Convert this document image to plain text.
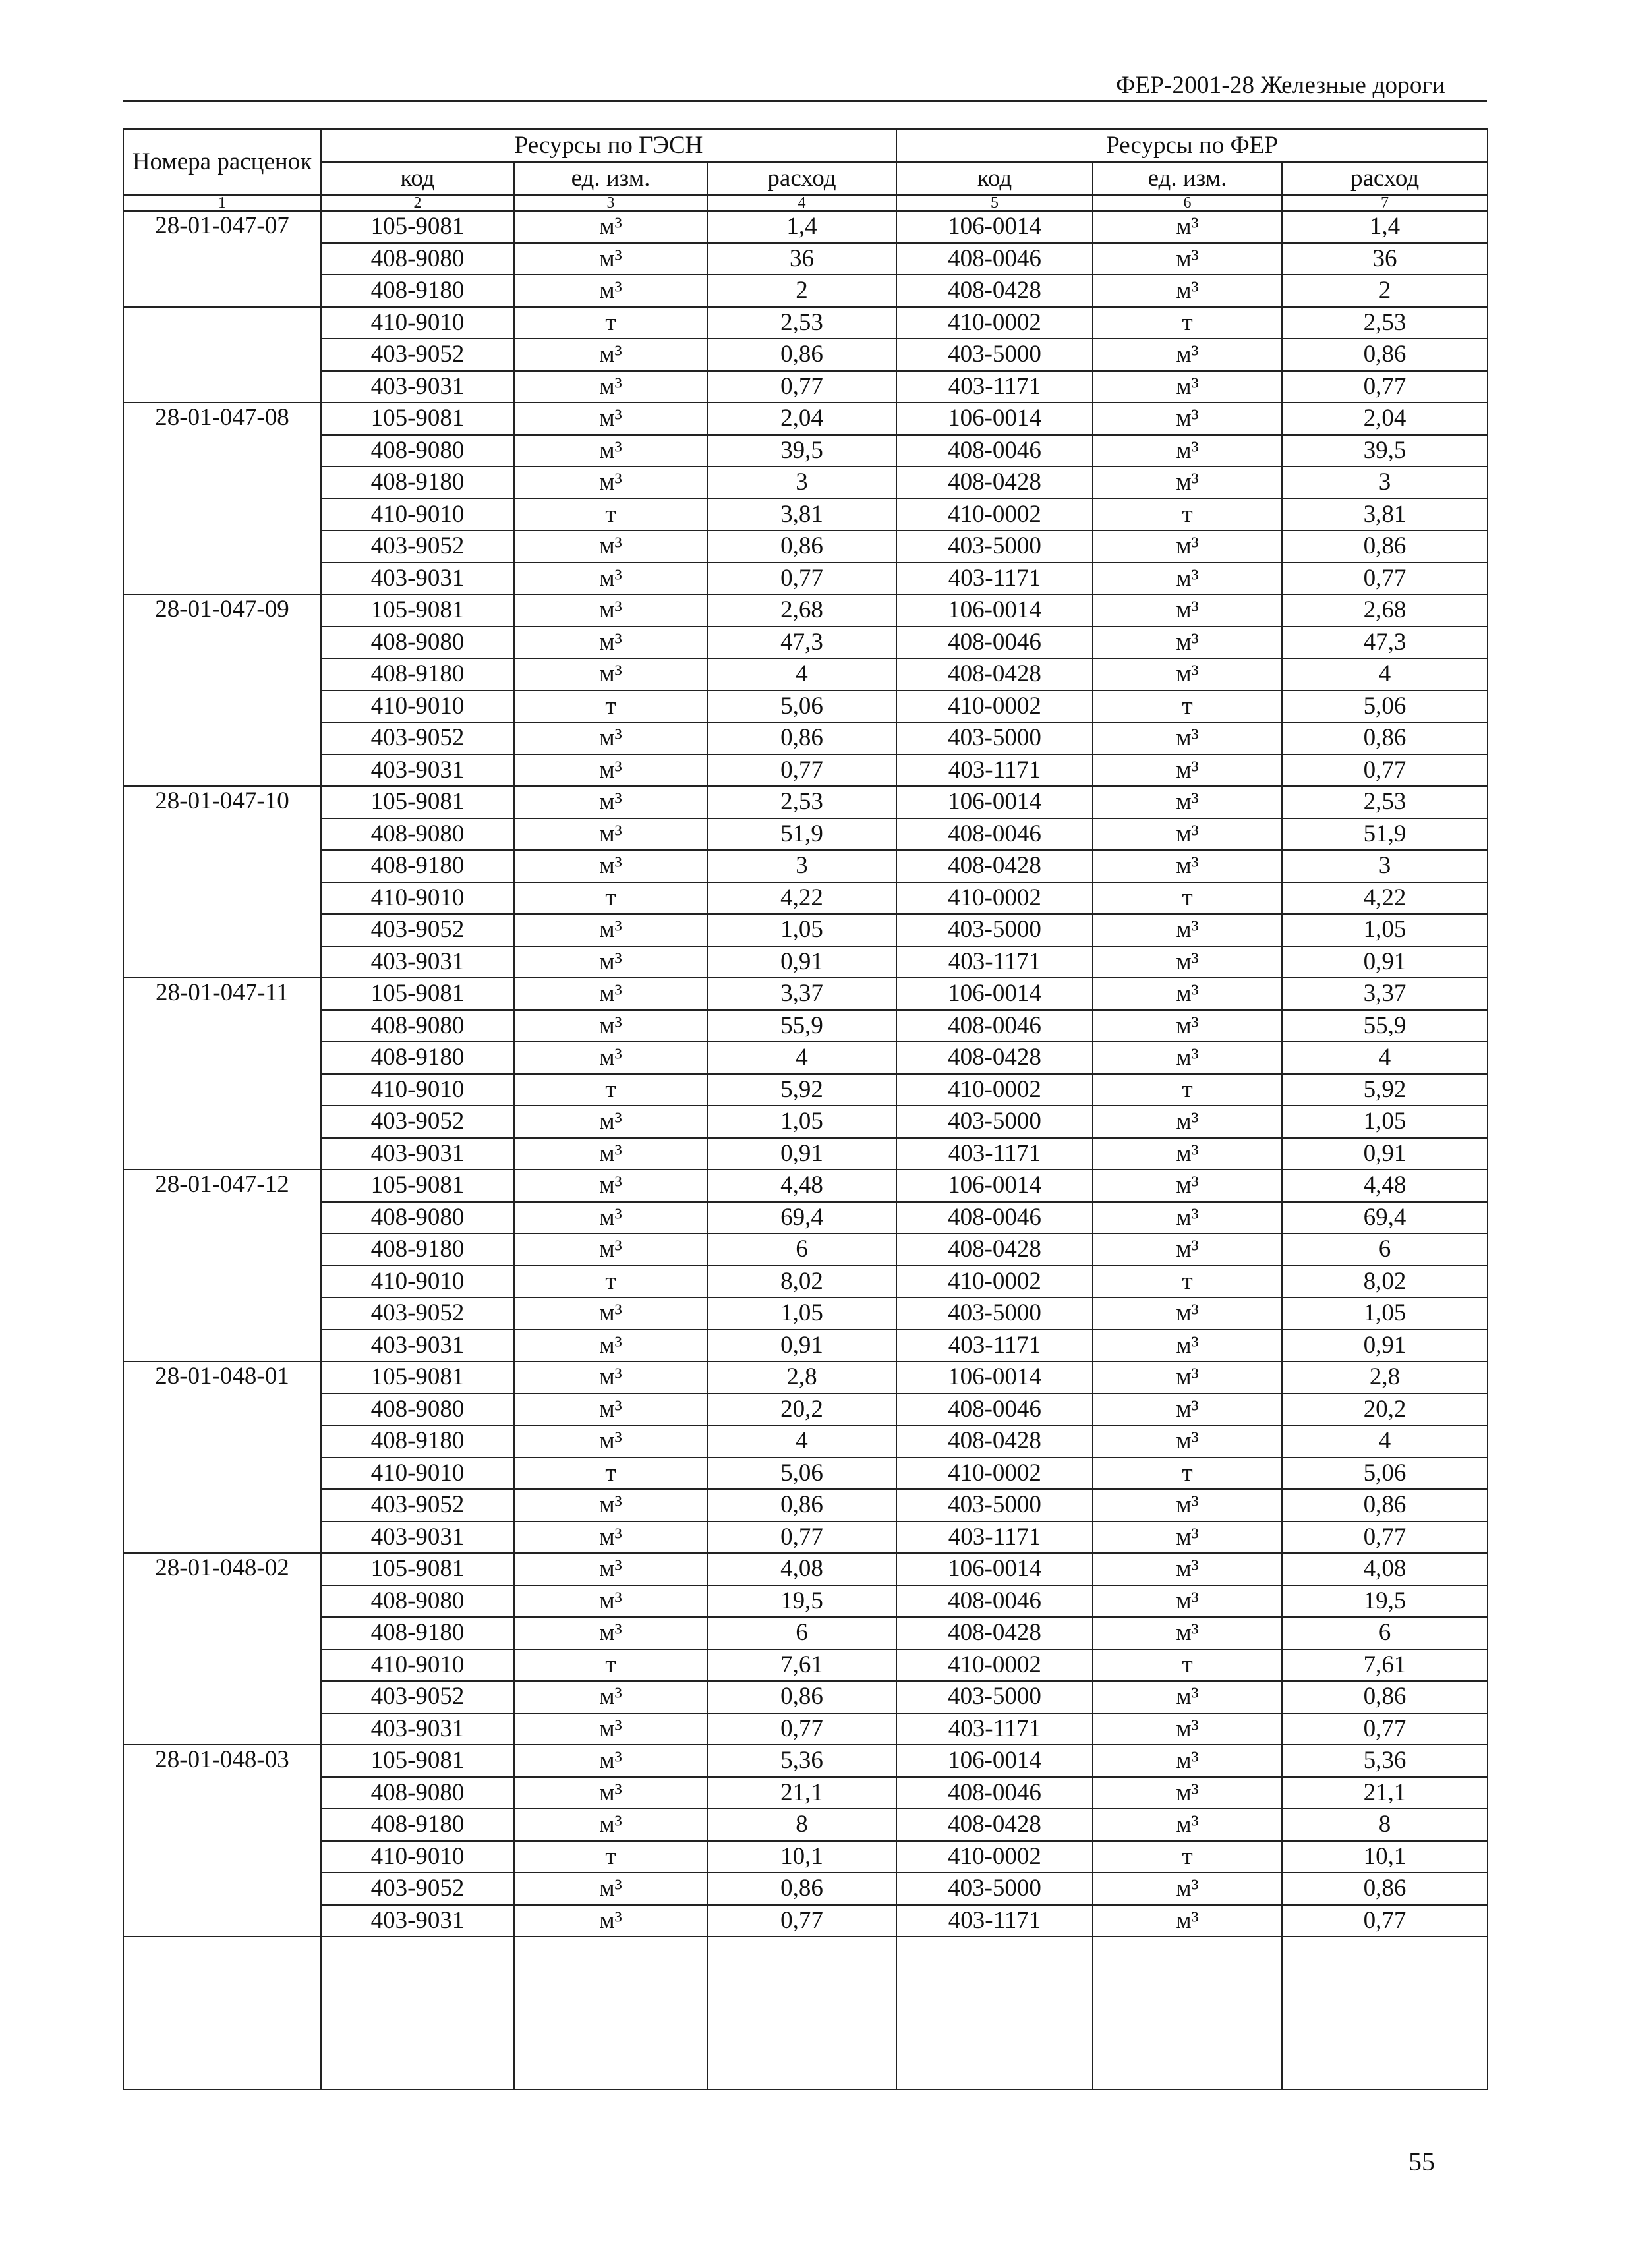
ФЕР-2001-28 Железные дороги
Номера расценок	Ресурсы по ГЭСН			Ресурсы по ФЕР		
	код	ед. изм.	расход	код	ед. изм.	расход
1	2	3	4	5	6	7
28-01-047-07	105-9081	м³	1,4	106-0014	м³	1,4
	408-9080	м³	36	408-0046	м³	36
	408-9180	м³	2	408-0428	м³	2
	410-9010	т	2,53	410-0002	т	2,53
	403-9052	м³	0,86	403-5000	м³	0,86
	403-9031	м³	0,77	403-1171	м³	0,77
28-01-047-08	105-9081	м³	2,04	106-0014	м³	2,04
	408-9080	м³	39,5	408-0046	м³	39,5
	408-9180	м³	3	408-0428	м³	3
	410-9010	т	3,81	410-0002	т	3,81
	403-9052	м³	0,86	403-5000	м³	0,86
	403-9031	м³	0,77	403-1171	м³	0,77
28-01-047-09	105-9081	м³	2,68	106-0014	м³	2,68
	408-9080	м³	47,3	408-0046	м³	47,3
	408-9180	м³	4	408-0428	м³	4
	410-9010	т	5,06	410-0002	т	5,06
	403-9052	м³	0,86	403-5000	м³	0,86
	403-9031	м³	0,77	403-1171	м³	0,77
28-01-047-10	105-9081	м³	2,53	106-0014	м³	2,53
	408-9080	м³	51,9	408-0046	м³	51,9
	408-9180	м³	3	408-0428	м³	3
	410-9010	т	4,22	410-0002	т	4,22
	403-9052	м³	1,05	403-5000	м³	1,05
	403-9031	м³	0,91	403-1171	м³	0,91
28-01-047-11	105-9081	м³	3,37	106-0014	м³	3,37
	408-9080	м³	55,9	408-0046	м³	55,9
	408-9180	м³	4	408-0428	м³	4
	410-9010	т	5,92	410-0002	т	5,92
	403-9052	м³	1,05	403-5000	м³	1,05
	403-9031	м³	0,91	403-1171	м³	0,91
28-01-047-12	105-9081	м³	4,48	106-0014	м³	4,48
	408-9080	м³	69,4	408-0046	м³	69,4
	408-9180	м³	6	408-0428	м³	6
	410-9010	т	8,02	410-0002	т	8,02
	403-9052	м³	1,05	403-5000	м³	1,05
	403-9031	м³	0,91	403-1171	м³	0,91
28-01-048-01	105-9081	м³	2,8	106-0014	м³	2,8
	408-9080	м³	20,2	408-0046	м³	20,2
	408-9180	м³	4	408-0428	м³	4
	410-9010	т	5,06	410-0002	т	5,06
	403-9052	м³	0,86	403-5000	м³	0,86
	403-9031	м³	0,77	403-1171	м³	0,77
28-01-048-02	105-9081	м³	4,08	106-0014	м³	4,08
	408-9080	м³	19,5	408-0046	м³	19,5
	408-9180	м³	6	408-0428	м³	6
	410-9010	т	7,61	410-0002	т	7,61
	403-9052	м³	0,86	403-5000	м³	0,86
	403-9031	м³	0,77	403-1171	м³	0,77
28-01-048-03	105-9081	м³	5,36	106-0014	м³	5,36
	408-9080	м³	21,1	408-0046	м³	21,1
	408-9180	м³	8	408-0428	м³	8
	410-9010	т	10,1	410-0002	т	10,1
	403-9052	м³	0,86	403-5000	м³	0,86
	403-9031	м³	0,77	403-1171	м³	0,77

55
